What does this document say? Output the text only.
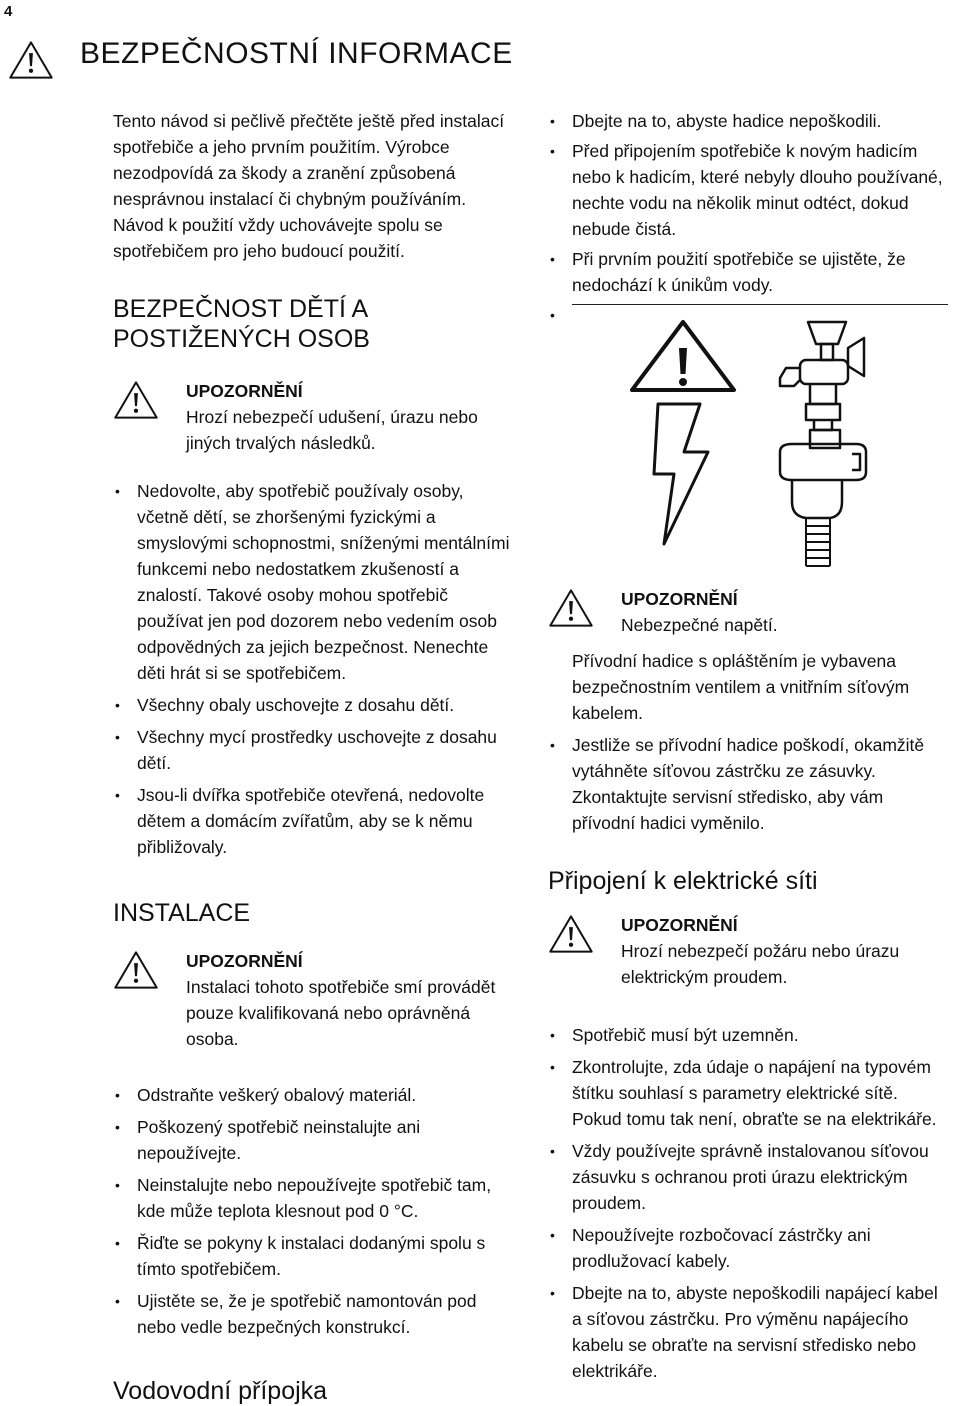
4
BEZPEČNOSTNÍ INFORMACE

Tento návod si pečlivě přečtěte ještě před instalací spotřebiče a jeho prvním použitím. Výrobce nezodpovídá za škody a zranění způsobená nesprávnou instalací či chybným používáním. Návod k použití vždy uchovávejte spolu se spotřebičem pro jeho budoucí použití.

BEZPEČNOST DĚTÍ A POSTIŽENÝCH OSOB
UPOZORNĚNÍ
Hrozí nebezpečí udušení, úrazu nebo jiných trvalých následků.
• Nedovolte, aby spotřebič používaly osoby, včetně dětí, se zhoršenými fyzickými a smyslovými schopnostmi, sníženými mentálními funkcemi nebo nedostatkem zkušeností a znalostí. Takové osoby mohou spotřebič používat jen pod dozorem nebo vedením osob odpovědných za jejich bezpečnost. Nenechte děti hrát si se spotřebičem.
• Všechny obaly uschovejte z dosahu dětí.
• Všechny mycí prostředky uschovejte z dosahu dětí.
• Jsou-li dvířka spotřebiče otevřená, nedovolte dětem a domácím zvířatům, aby se k němu přibližovaly.
INSTALACE
UPOZORNĚNÍ
Instalaci tohoto spotřebiče smí provádět pouze kvalifikovaná nebo oprávněná osoba.
• Odstraňte veškerý obalový materiál.
• Poškozený spotřebič neinstalujte ani nepoužívejte.
• Neinstalujte nebo nepoužívejte spotřebič tam, kde může teplota klesnout pod 0 °C.
• Řiďte se pokyny k instalaci dodanými spolu s tímto spotřebičem.
• Ujistěte se, že je spotřebič namontován pod nebo vedle bezpečných konstrukcí.
Vodovodní přípojka
• Dbejte na to, abyste hadice nepoškodili.
• Před připojením spotřebiče k novým hadicím nebo k hadicím, které nebyly dlouho používané, nechte vodu na několik minut odtéct, dokud nebude čistá.
• Při prvním použití spotřebiče se ujistěte, že nedochází k únikům vody.
•
UPOZORNĚNÍ
Nebezpečné napětí.

Přívodní hadice s opláštěním je vybavena bezpečnostním ventilem a vnitřním síťovým kabelem.

• Jestliže se přívodní hadice poškodí, okamžitě vytáhněte síťovou zástrčku ze zásuvky. Zkontaktujte servisní středisko, aby vám přívodní hadici vyměnilo.
Připojení k elektrické síti
UPOZORNĚNÍ
Hrozí nebezpečí požáru nebo úrazu elektrickým proudem.
• Spotřebič musí být uzemněn.
• Zkontrolujte, zda údaje o napájení na typovém štítku souhlasí s parametry elektrické sítě. Pokud tomu tak není, obraťte se na elektrikáře.
• Vždy používejte správně instalovanou síťovou zásuvku s ochranou proti úrazu elektrickým proudem.
• Nepoužívejte rozbočovací zástrčky ani prodlužovací kabely.
• Dbejte na to, abyste nepoškodili napájecí kabel a síťovou zástrčku. Pro výměnu napájecího kabelu se obraťte na servisní středisko nebo elektrikáře.
